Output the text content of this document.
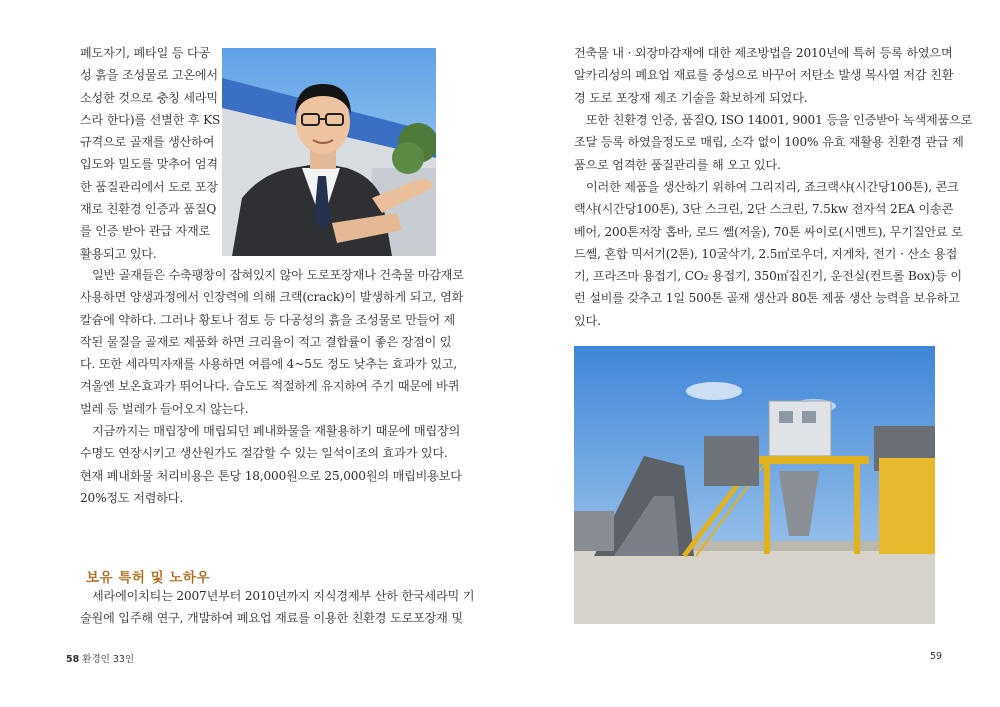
폐도자기, 폐타일 등 다공
성 흙을 조성물로 고온에서
소성한 것으로 충칭 세라믹
스라 한다)를 선별한 후 KS
규격으로 골재를 생산하여
입도와 밀도를 맞추어 엄격
한 품질관리에서 도로 포장
재로 친환경 인증과 품질Q
를 인증 받아 관급 자재로
활용되고 있다.
일반 골재들은 수축팽창이 잡혀있지 않아 도로포장재나 건축물 마감재로
사용하면 양생과정에서 인장력에 의해 크랙(crack)이 발생하게 되고, 염화
칼슘에 약하다. 그러나 황토나 점토 등 다공성의 흙을 조성물로 만들어 제
작된 물질을 골재로 제품화 하면 크리율이 적고 결합률이 좋은 장점이 있
다. 또한 세라믹자재를 사용하면 여름에 4~5도 정도 낮추는 효과가 있고,
겨울엔 보온효과가 뛰어나다. 습도도 적절하게 유지하여 주기 때문에 바퀴
벌레 등 벌레가 들어오지 않는다.
지금까지는 매립장에 매립되던 폐내화물을 재활용하기 때문에 매립장의
수명도 연장시키고 생산원가도 절감할 수 있는 일석이조의 효과가 있다.
현재 폐내화물 처리비용은 톤당 18,000원으로 25,000원의 매립비용보다
20%정도 저렴하다.
보유 특허 및 노하우
세라에이치티는 2007년부터 2010년까지 지식경제부 산하 한국세라믹 기
술원에 입주해 연구, 개발하여 폐요업 재료를 이용한 친환경 도로포장재 및
58 환경인 33인
건축물 내 · 외장마감재에 대한 제조방법을 2010년에 특허 등록 하였으며
알카리성의 폐요업 재료를 중성으로 바꾸어 저탄소 발생 복사열 저감 친환
경 도로 포장재 제조 기술을 확보하게 되었다.
또한 친환경 인증, 품질Q, ISO 14001, 9001 등을 인증받아 녹색제품으로
조달 등록 하였을정도로 매립, 소각 없이 100% 유효 재활용 친환경 관급 제
품으로 엄격한 품질관리를 해 오고 있다.
이러한 제품을 생산하기 위하여 그리지리, 죠크랙샤(시간당100톤), 콘크
랙샤(시간당100톤), 3단 스크린, 2단 스크린, 7.5kw 전자석 2EA 이송콘
베어, 200톤저장 홉바, 로드 쎌(저울), 70톤 싸이로(시멘트), 무기질안료 로
드쎌, 혼합 믹서기(2톤), 10굴삭기, 2.5㎥로우더, 지게차, 전기 · 산소 용접
기, 프라즈마 용접기, CO₂ 용접기, 350㎡집진기, 운전실(컨트롤 Box)등 이
런 설비를 갖추고 1일 500톤 골재 생산과 80톤 제품 생산 능력을 보유하고
있다.
59
